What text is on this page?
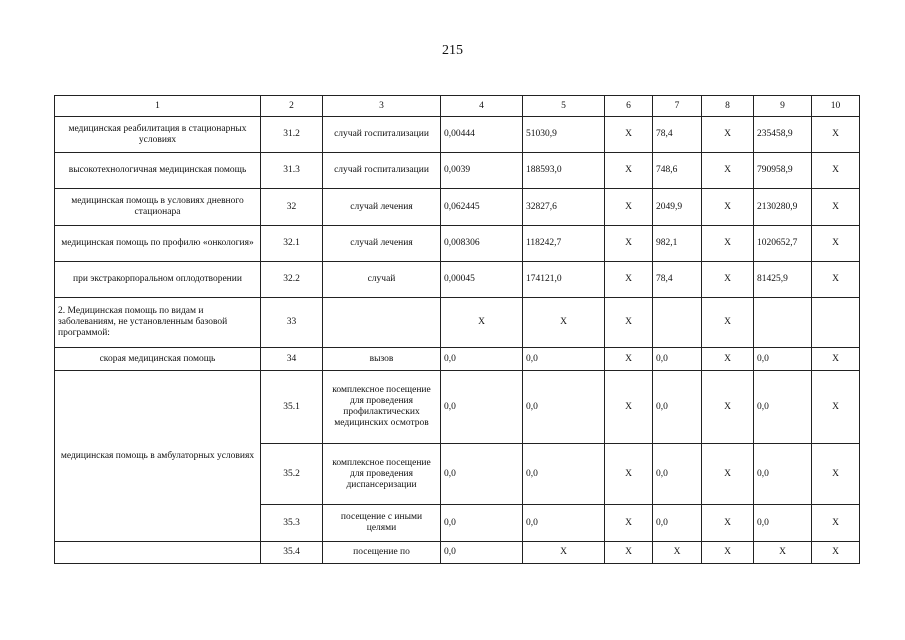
215
1	2	3	4	5	6	7	8	9	10
медицинская реабилитация в стационарных условиях	31.2	случай госпитализации	0,00444	51030,9	X	78,4	X	235458,9	X
высокотехнологичная медицинская помощь	31.3	случай госпитализации	0,0039	188593,0	X	748,6	X	790958,9	X
медицинская помощь в условиях дневного стационара	32	случай лечения	0,062445	32827,6	X	2049,9	X	2130280,9	X
медицинская помощь по профилю «онкология»	32.1	случай лечения	0,008306	118242,7	X	982,1	X	1020652,7	X
при экстракорпоральном оплодотворении	32.2	случай	0,00045	174121,0	X	78,4	X	81425,9	X
2. Медицинская помощь по видам и заболеваниям, не установленным базовой программой:	33		X	X	X		X		
скорая медицинская помощь	34	вызов	0,0	0,0	X	0,0	X	0,0	X
медицинская помощь в амбулаторных условиях	35.1	комплексное посещение для проведения профилактических медицинских осмотров	0,0	0,0	X	0,0	X	0,0	X
	35.2	комплексное посещение для проведения диспансеризации	0,0	0,0	X	0,0	X	0,0	X
	35.3	посещение с иными целями	0,0	0,0	X	0,0	X	0,0	X
	35.4	посещение по	0,0	X	X	X	X	X	X
